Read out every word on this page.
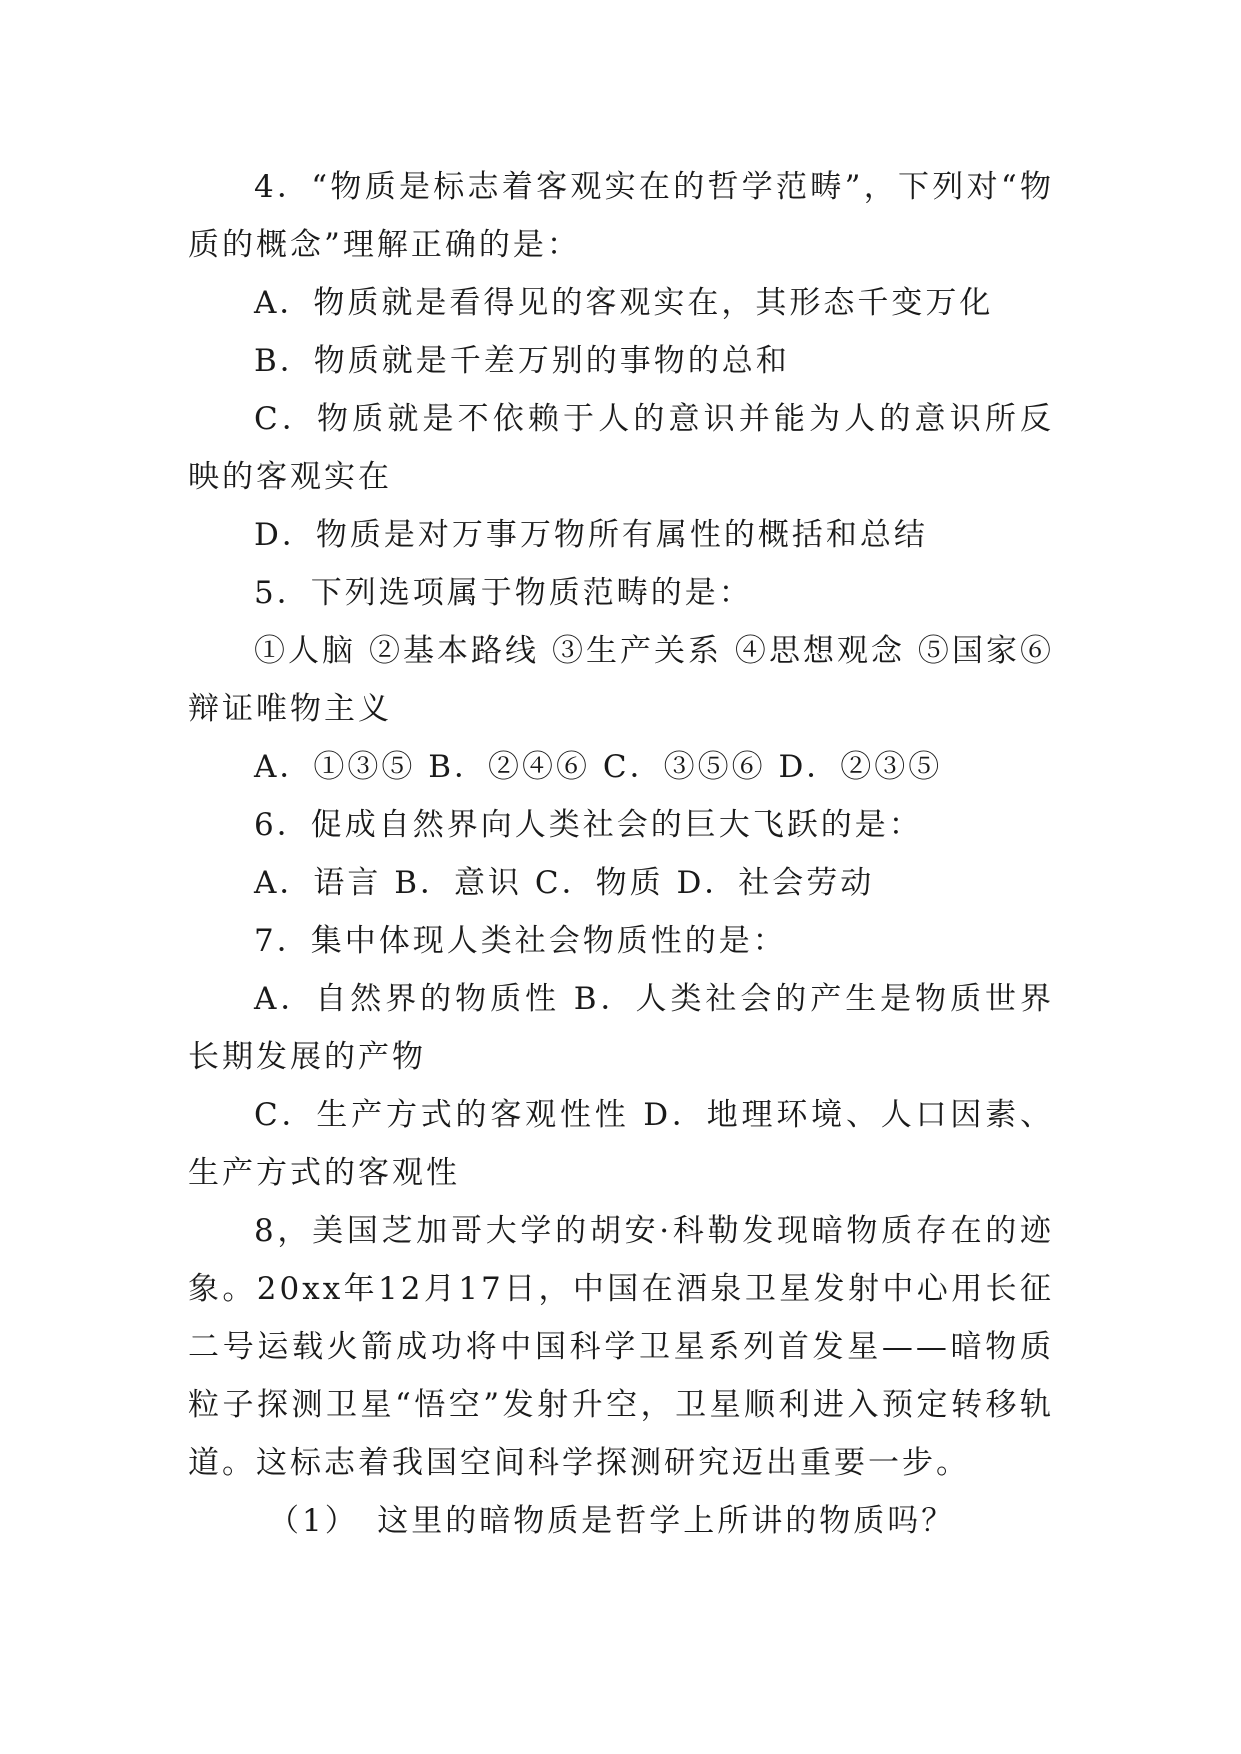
4．“物质是标志着客观实在的哲学范畴”，下列对“物质的概念”理解正确的是：

A．物质就是看得见的客观实在，其形态千变万化

B．物质就是千差万别的事物的总和

C．物质就是不依赖于人的意识并能为人的意识所反映的客观实在

D．物质是对万事万物所有属性的概括和总结

5．下列选项属于物质范畴的是：

①人脑 ②基本路线 ③生产关系 ④思想观念 ⑤国家⑥辩证唯物主义

A．①③⑤ B．②④⑥ C．③⑤⑥ D．②③⑤

6．促成自然界向人类社会的巨大飞跃的是：

A．语言 B．意识 C．物质 D．社会劳动

7．集中体现人类社会物质性的是：

A．自然界的物质性 B．人类社会的产生是物质世界长期发展的产物

C．生产方式的客观性性 D．地理环境、人口因素、生产方式的客观性

8，美国芝加哥大学的胡安·科勒发现暗物质存在的迹象。20xx年12月17日，中国在酒泉卫星发射中心用长征二号运载火箭成功将中国科学卫星系列首发星——暗物质粒子探测卫星“悟空”发射升空，卫星顺利进入预定转移轨道。这标志着我国空间科学探测研究迈出重要一步。

（1）　这里的暗物质是哲学上所讲的物质吗？
